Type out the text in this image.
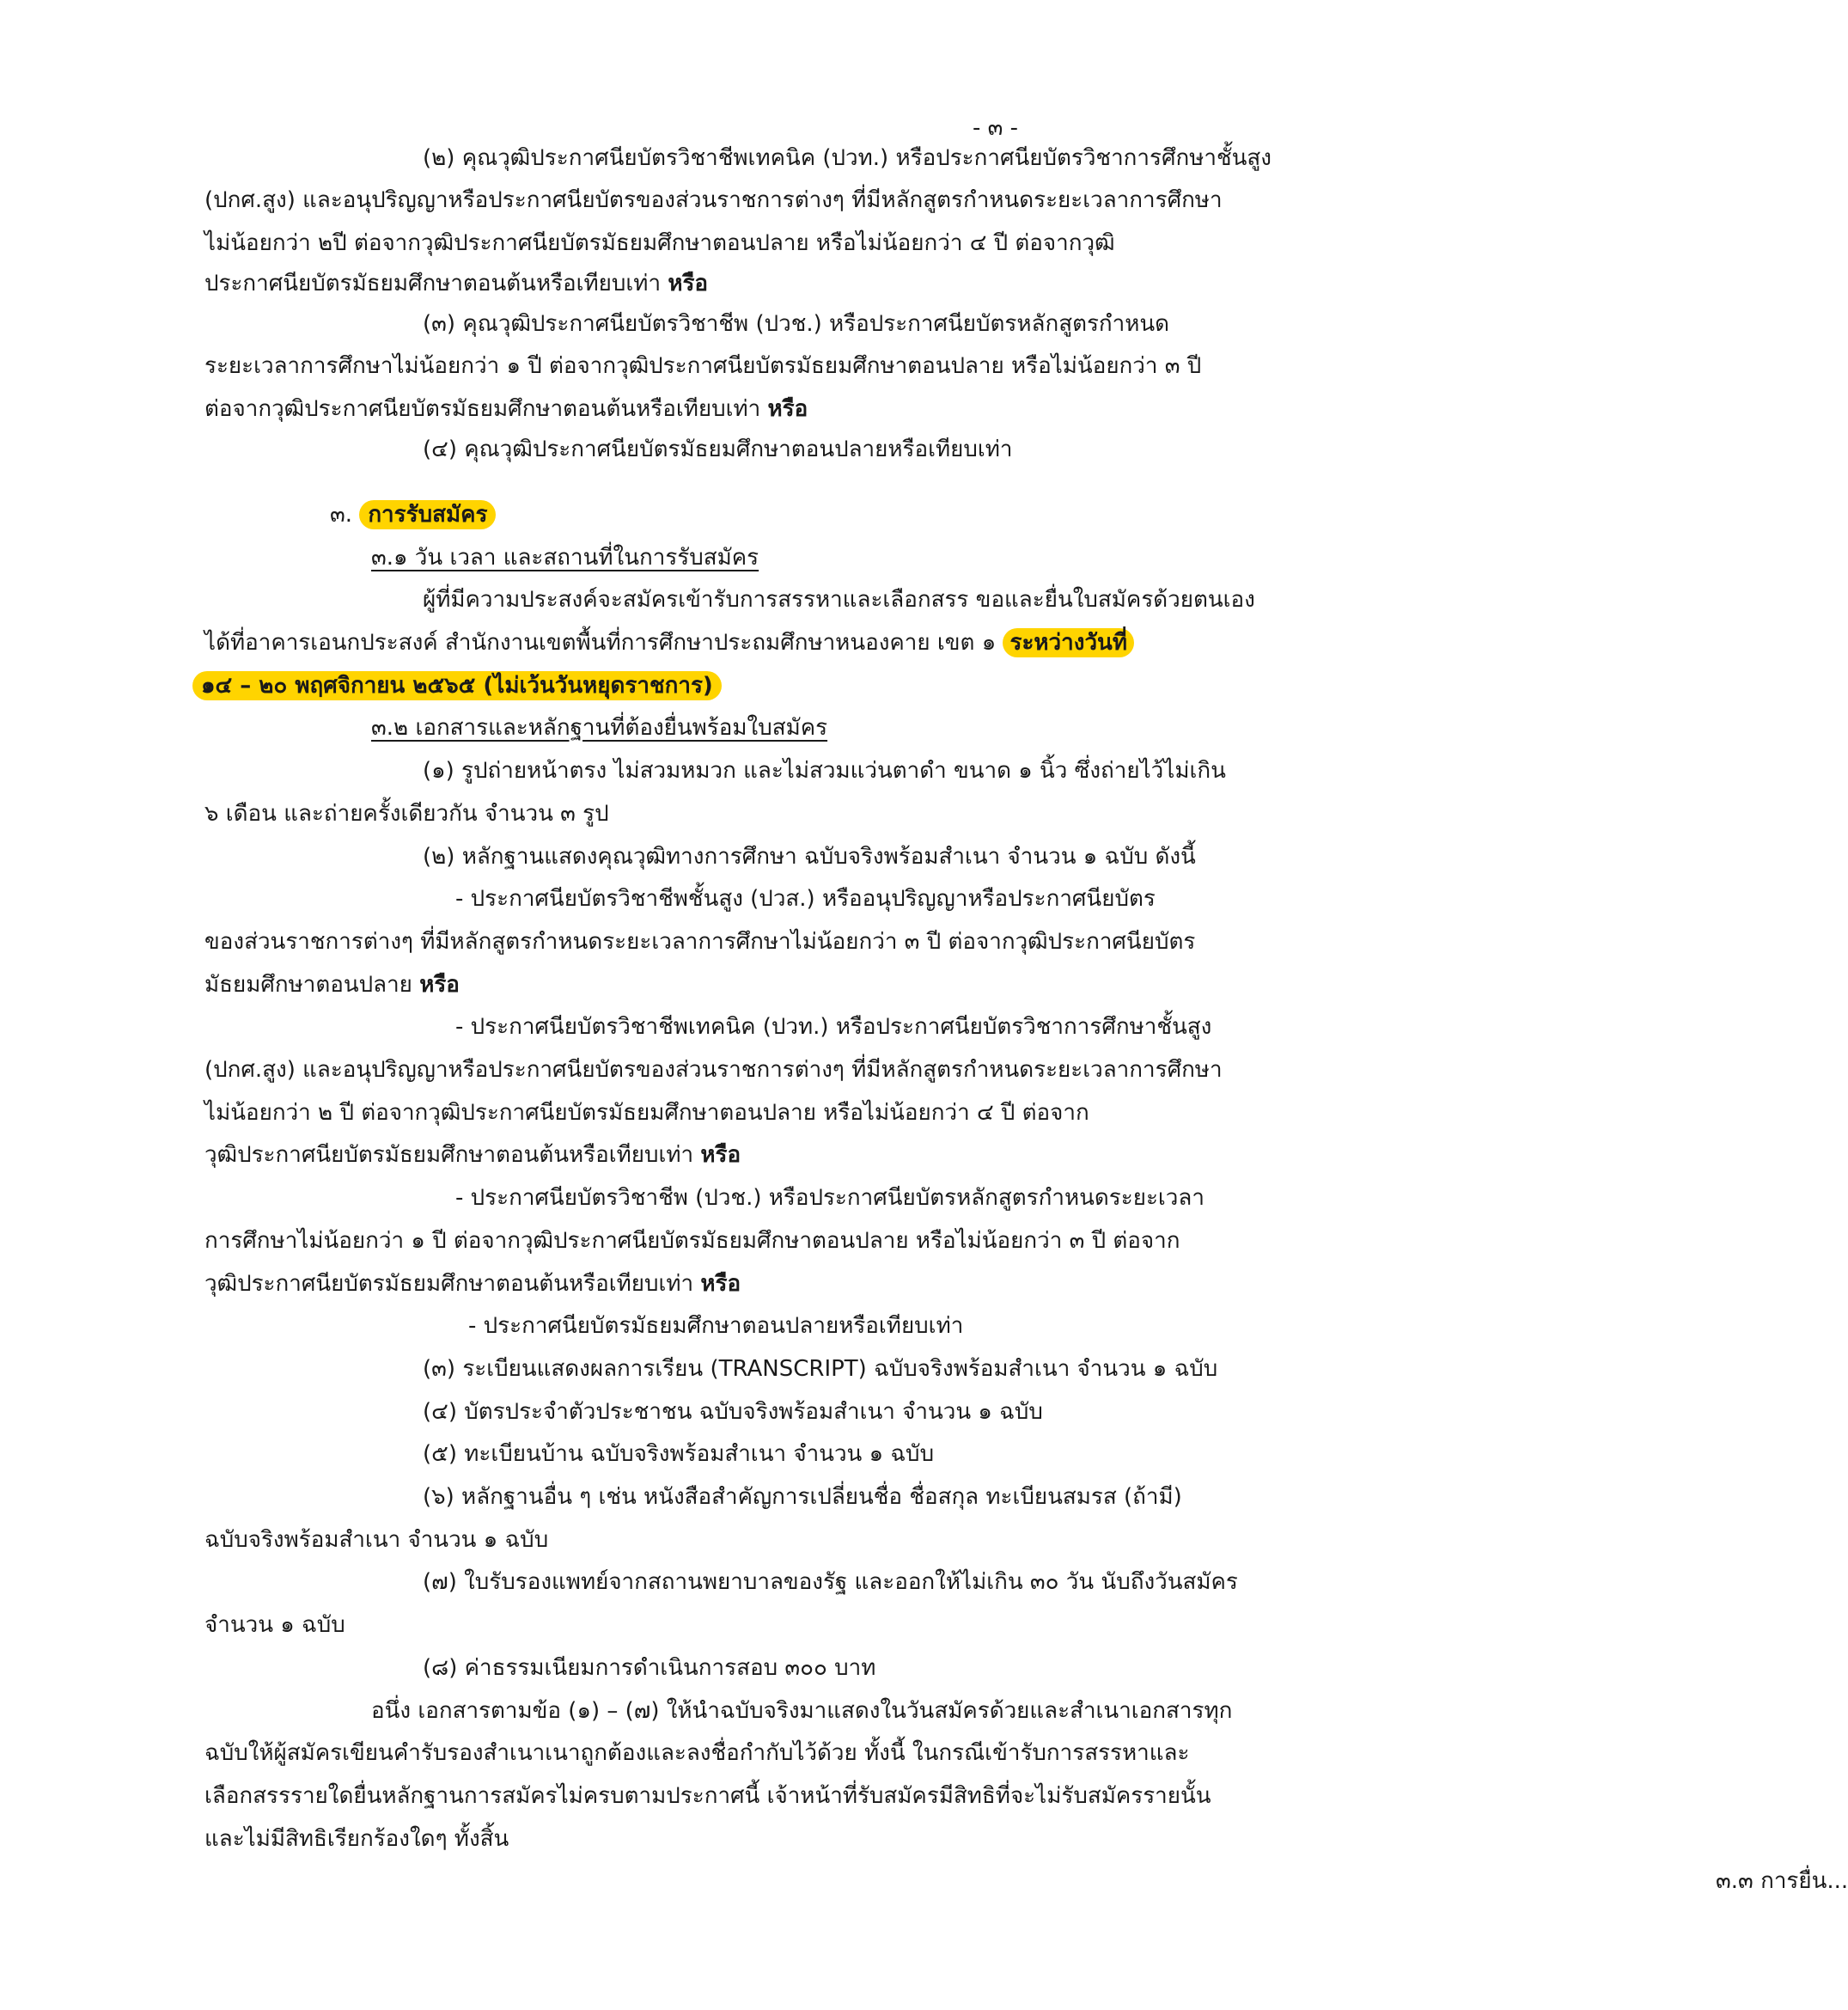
- ๓ -

(๒) คุณวุฒิประกาศนียบัตรวิชาชีพเทคนิค (ปวท.) หรือประกาศนียบัตรวิชาการศึกษาชั้นสูง

(ปกศ.สูง) และอนุปริญญาหรือประกาศนียบัตรของส่วนราชการต่างๆ ที่มีหลักสูตรกำหนดระยะเวลาการศึกษา

ไม่น้อยกว่า ๒ปี ต่อจากวุฒิประกาศนียบัตรมัธยมศึกษาตอนปลาย หรือไม่น้อยกว่า ๔ ปี ต่อจากวุฒิ

ประกาศนียบัตรมัธยมศึกษาตอนต้นหรือเทียบเท่า หรือ

(๓) คุณวุฒิประกาศนียบัตรวิชาชีพ (ปวช.) หรือประกาศนียบัตรหลักสูตรกำหนด

ระยะเวลาการศึกษาไม่น้อยกว่า ๑ ปี ต่อจากวุฒิประกาศนียบัตรมัธยมศึกษาตอนปลาย หรือไม่น้อยกว่า ๓ ปี

ต่อจากวุฒิประกาศนียบัตรมัธยมศึกษาตอนต้นหรือเทียบเท่า หรือ

(๔) คุณวุฒิประกาศนียบัตรมัธยมศึกษาตอนปลายหรือเทียบเท่า

๓. การรับสมัคร

๓.๑ วัน เวลา และสถานที่ในการรับสมัคร

ผู้ที่มีความประสงค์จะสมัครเข้ารับการสรรหาและเลือกสรร ขอและยื่นใบสมัครด้วยตนเอง

ได้ที่อาคารเอนกประสงค์ สำนักงานเขตพื้นที่การศึกษาประถมศึกษาหนองคาย เขต ๑ ระหว่างวันที่

๑๔ – ๒๐ พฤศจิกายน ๒๕๖๕ (ไม่เว้นวันหยุดราชการ)

๓.๒ เอกสารและหลักฐานที่ต้องยื่นพร้อมใบสมัคร

(๑) รูปถ่ายหน้าตรง ไม่สวมหมวก และไม่สวมแว่นตาดำ ขนาด ๑ นิ้ว ซึ่งถ่ายไว้ไม่เกิน

๖ เดือน และถ่ายครั้งเดียวกัน จำนวน ๓ รูป

(๒) หลักฐานแสดงคุณวุฒิทางการศึกษา ฉบับจริงพร้อมสำเนา จำนวน ๑ ฉบับ ดังนี้

- ประกาศนียบัตรวิชาชีพชั้นสูง (ปวส.) หรืออนุปริญญาหรือประกาศนียบัตร

ของส่วนราชการต่างๆ ที่มีหลักสูตรกำหนดระยะเวลาการศึกษาไม่น้อยกว่า ๓ ปี ต่อจากวุฒิประกาศนียบัตร

มัธยมศึกษาตอนปลาย หรือ

- ประกาศนียบัตรวิชาชีพเทคนิค (ปวท.) หรือประกาศนียบัตรวิชาการศึกษาชั้นสูง

(ปกศ.สูง) และอนุปริญญาหรือประกาศนียบัตรของส่วนราชการต่างๆ ที่มีหลักสูตรกำหนดระยะเวลาการศึกษา

ไม่น้อยกว่า ๒ ปี ต่อจากวุฒิประกาศนียบัตรมัธยมศึกษาตอนปลาย หรือไม่น้อยกว่า ๔ ปี ต่อจาก

วุฒิประกาศนียบัตรมัธยมศึกษาตอนต้นหรือเทียบเท่า หรือ

- ประกาศนียบัตรวิชาชีพ (ปวช.) หรือประกาศนียบัตรหลักสูตรกำหนดระยะเวลา

การศึกษาไม่น้อยกว่า ๑ ปี ต่อจากวุฒิประกาศนียบัตรมัธยมศึกษาตอนปลาย หรือไม่น้อยกว่า ๓ ปี ต่อจาก

วุฒิประกาศนียบัตรมัธยมศึกษาตอนต้นหรือเทียบเท่า หรือ

- ประกาศนียบัตรมัธยมศึกษาตอนปลายหรือเทียบเท่า

(๓) ระเบียนแสดงผลการเรียน (TRANSCRIPT) ฉบับจริงพร้อมสำเนา จำนวน ๑ ฉบับ

(๔) บัตรประจำตัวประชาชน ฉบับจริงพร้อมสำเนา จำนวน ๑ ฉบับ

(๕) ทะเบียนบ้าน ฉบับจริงพร้อมสำเนา จำนวน ๑ ฉบับ

(๖) หลักฐานอื่น ๆ เช่น หนังสือสำคัญการเปลี่ยนชื่อ ชื่อสกุล ทะเบียนสมรส (ถ้ามี)

ฉบับจริงพร้อมสำเนา จำนวน ๑ ฉบับ

(๗) ใบรับรองแพทย์จากสถานพยาบาลของรัฐ และออกให้ไม่เกิน ๓๐ วัน นับถึงวันสมัคร

จำนวน ๑ ฉบับ

(๘) ค่าธรรมเนียมการดำเนินการสอบ ๓๐๐ บาท

อนึ่ง เอกสารตามข้อ (๑) – (๗) ให้นำฉบับจริงมาแสดงในวันสมัครด้วยและสำเนาเอกสารทุก

ฉบับให้ผู้สมัครเขียนคำรับรองสำเนาเนาถูกต้องและลงชื่อกำกับไว้ด้วย ทั้งนี้ ในกรณีเข้ารับการสรรหาและ

เลือกสรรรายใดยื่นหลักฐานการสมัครไม่ครบตามประกาศนี้ เจ้าหน้าที่รับสมัครมีสิทธิที่จะไม่รับสมัครรายนั้น

และไม่มีสิทธิเรียกร้องใดๆ ทั้งสิ้น

๓.๓ การยื่น...
